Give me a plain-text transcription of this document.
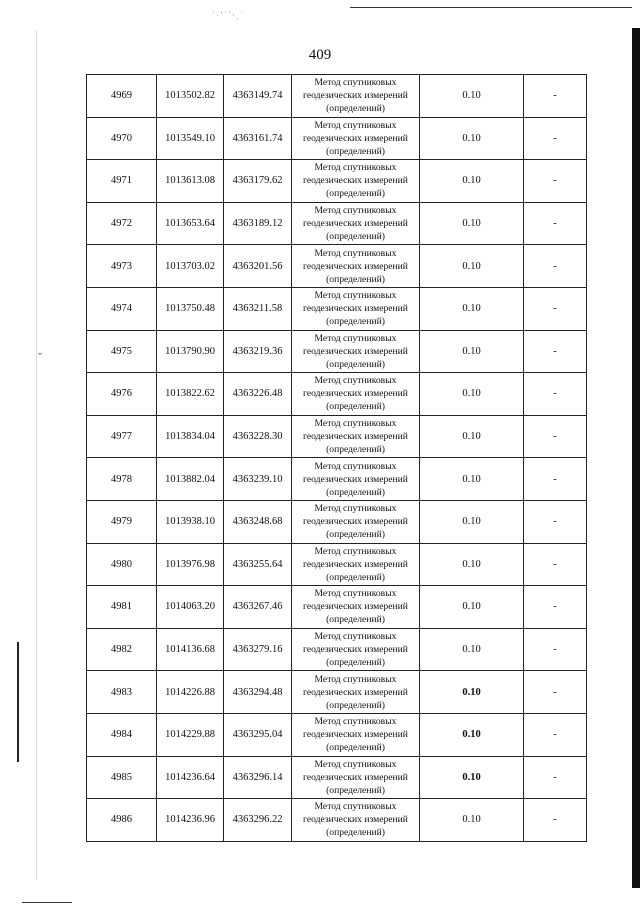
˙·ʼ˙ˊ·ˏ˙
ˇ
409
4969	1013502.82	4363149.74	Метод спутниковых
геодезических измерений
(определений)	0.10	-
4970	1013549.10	4363161.74	Метод спутниковых
геодезических измерений
(определений)	0.10	-
4971	1013613.08	4363179.62	Метод спутниковых
геодезических измерений
(определений)	0.10	-
4972	1013653.64	4363189.12	Метод спутниковых
геодезических измерений
(определений)	0.10	-
4973	1013703.02	4363201.56	Метод спутниковых
геодезических измерений
(определений)	0.10	-
4974	1013750.48	4363211.58	Метод спутниковых
геодезических измерений
(определений)	0.10	-
4975	1013790.90	4363219.36	Метод спутниковых
геодезических измерений
(определений)	0.10	-
4976	1013822.62	4363226.48	Метод спутниковых
геодезических измерений
(определений)	0.10	-
4977	1013834.04	4363228.30	Метод спутниковых
геодезических измерений
(определений)	0.10	-
4978	1013882.04	4363239.10	Метод спутниковых
геодезических измерений
(определений)	0.10	-
4979	1013938.10	4363248.68	Метод спутниковых
геодезических измерений
(определений)	0.10	-
4980	1013976.98	4363255.64	Метод спутниковых
геодезических измерений
(определений)	0.10	-
4981	1014063.20	4363267.46	Метод спутниковых
геодезических измерений
(определений)	0.10	-
4982	1014136.68	4363279.16	Метод спутниковых
геодезических измерений
(определений)	0.10	-
4983	1014226.88	4363294.48	Метод спутниковых
геодезических измерений
(определений)	0.10	-
4984	1014229.88	4363295.04	Метод спутниковых
геодезических измерений
(определений)	0.10	-
4985	1014236.64	4363296.14	Метод спутниковых
геодезических измерений
(определений)	0.10	-
4986	1014236.96	4363296.22	Метод спутниковых
геодезических измерений
(определений)	0.10	-
